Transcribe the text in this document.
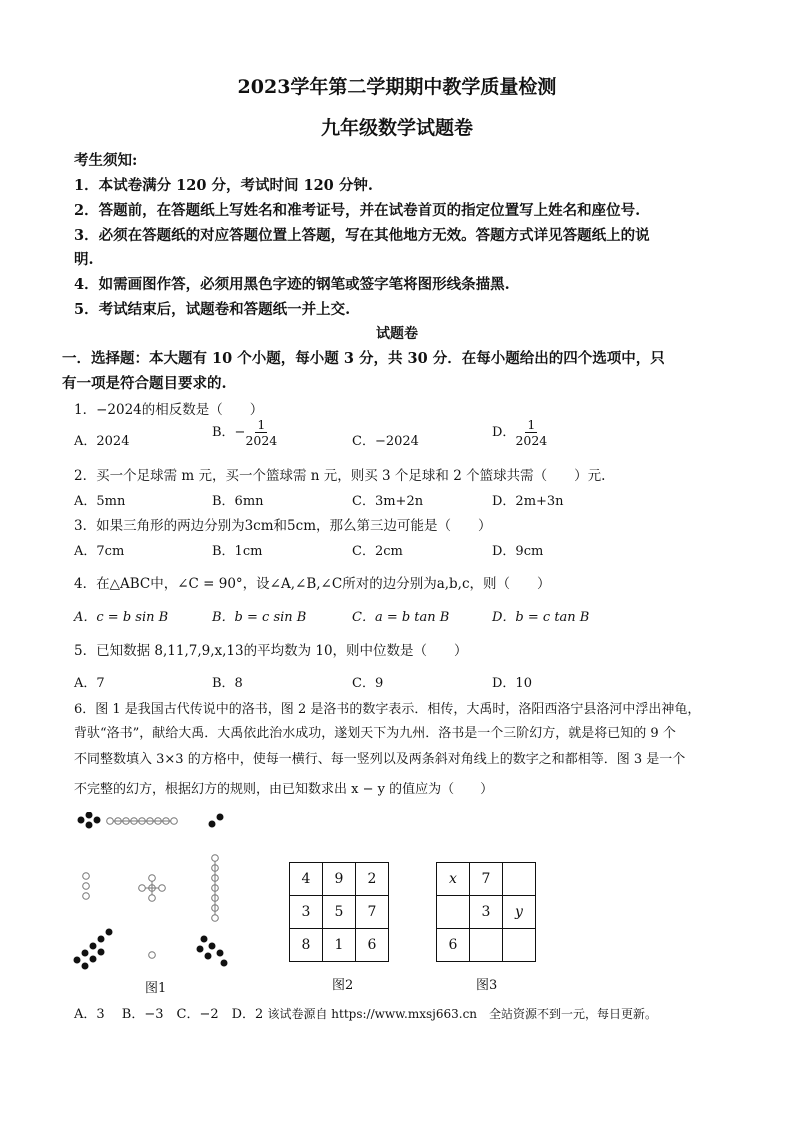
2023学年第二学期期中教学质量检测
九年级数学试题卷
考生须知:
1．本试卷满分 120 分，考试时间 120 分钟.
2．答题前，在答题纸上写姓名和准考证号，并在试卷首页的指定位置写上姓名和座位号.
3．必须在答题纸的对应答题位置上答题，写在其他地方无效。答题方式详见答题纸上的说
明.
4．如需画图作答，必须用黑色字迹的钢笔或签字笔将图形线条描黑.
5．考试结束后，试题卷和答题纸一并上交.
试题卷
一．选择题：本大题有 10 个小题，每小题 3 分，共 30 分．在每小题给出的四个选项中，只
有一项是符合题目要求的.
1．−2024的相反数是（　　）
A．2024
B．− $\frac{1}{2024}$	C．−2024
D． $\frac{1}{2024}$
2．买一个足球需 m 元，买一个篮球需 n 元，则买 3 个足球和 2 个篮球共需（　　）元.
A．5mn	B．6mn	C．3m+2n	D．2m+3n
3．如果三角形的两边分别为3cm和5cm，那么第三边可能是（　　）
A．7cm	B．1cm	C．2cm	D．9cm
4．在△ABC中，∠C = 90°，设∠A,∠B,∠C所对的边分别为a,b,c，则（　　）
A．c = b sin B	B．b = c sin B	C．a = b tan B	D．b = c tan B
5．已知数据 8,11,7,9,x,13的平均数为 10，则中位数是（　　）
A．7	B．8	C．9	D．10
6．图 1 是我国古代传说中的洛书，图 2 是洛书的数字表示．相传，大禹时，洛阳西洛宁县洛河中浮出神龟，
背驮“洛书”，献给大禹．大禹依此治水成功，遂划天下为九州．洛书是一个三阶幻方，就是将已知的 9 个
不同整数填入 3×3 的方格中，使每一横行、每一竖列以及两条斜对角线上的数字之和都相等．图 3 是一个
不完整的幻方，根据幻方的规则，由已知数求出 x − y 的值应为（　　）
图1
4	9	2
3	5	7
8	1	6
图2
x	7	
	3	y
6		
图3
A．3　 B．−3　C．−2　D．2 该试卷源自 https://www.mxsj663.cn　全站资源不到一元，每日更新。
